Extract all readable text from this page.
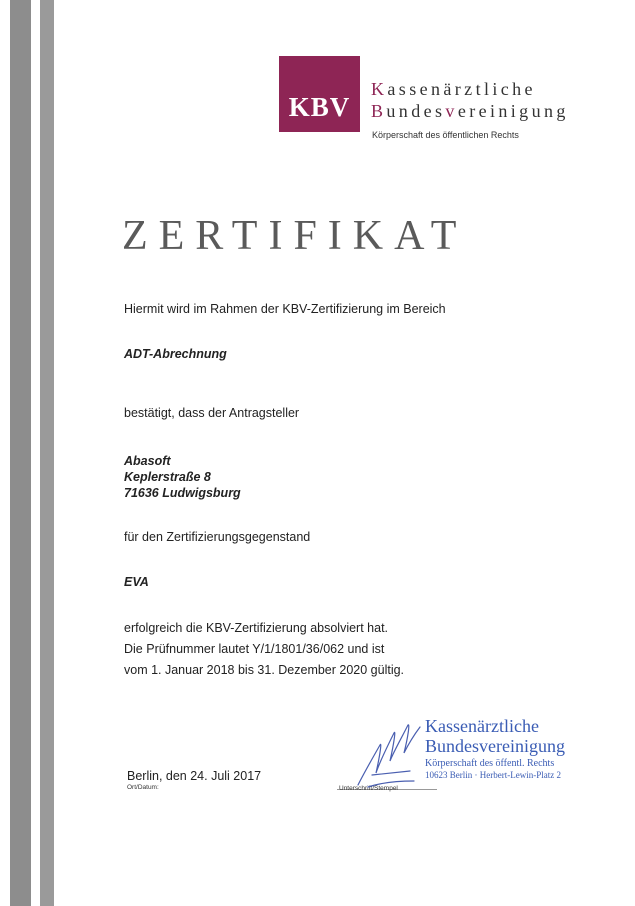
KBV
Kassenärztliche
Bundesvereinigung
Körperschaft des öffentlichen Rechts
ZERTIFIKAT
Hiermit wird im Rahmen der KBV-Zertifizierung im Bereich
ADT-Abrechnung
bestätigt, dass der Antragsteller
Abasoft
Keplerstraße 8
71636 Ludwigsburg
für den Zertifizierungsgegenstand
EVA
erfolgreich die KBV-Zertifizierung absolviert hat.
Die Prüfnummer lautet Y/1/1801/36/062 und ist
vom 1. Januar 2018 bis 31. Dezember 2020 gültig.
Berlin, den 24. Juli 2017
Ort/Datum:	Unterschrift/Stempel
Kassenärztliche
Bundesvereinigung
Körperschaft des öffentl. Rechts
10623 Berlin · Herbert-Lewin-Platz 2
